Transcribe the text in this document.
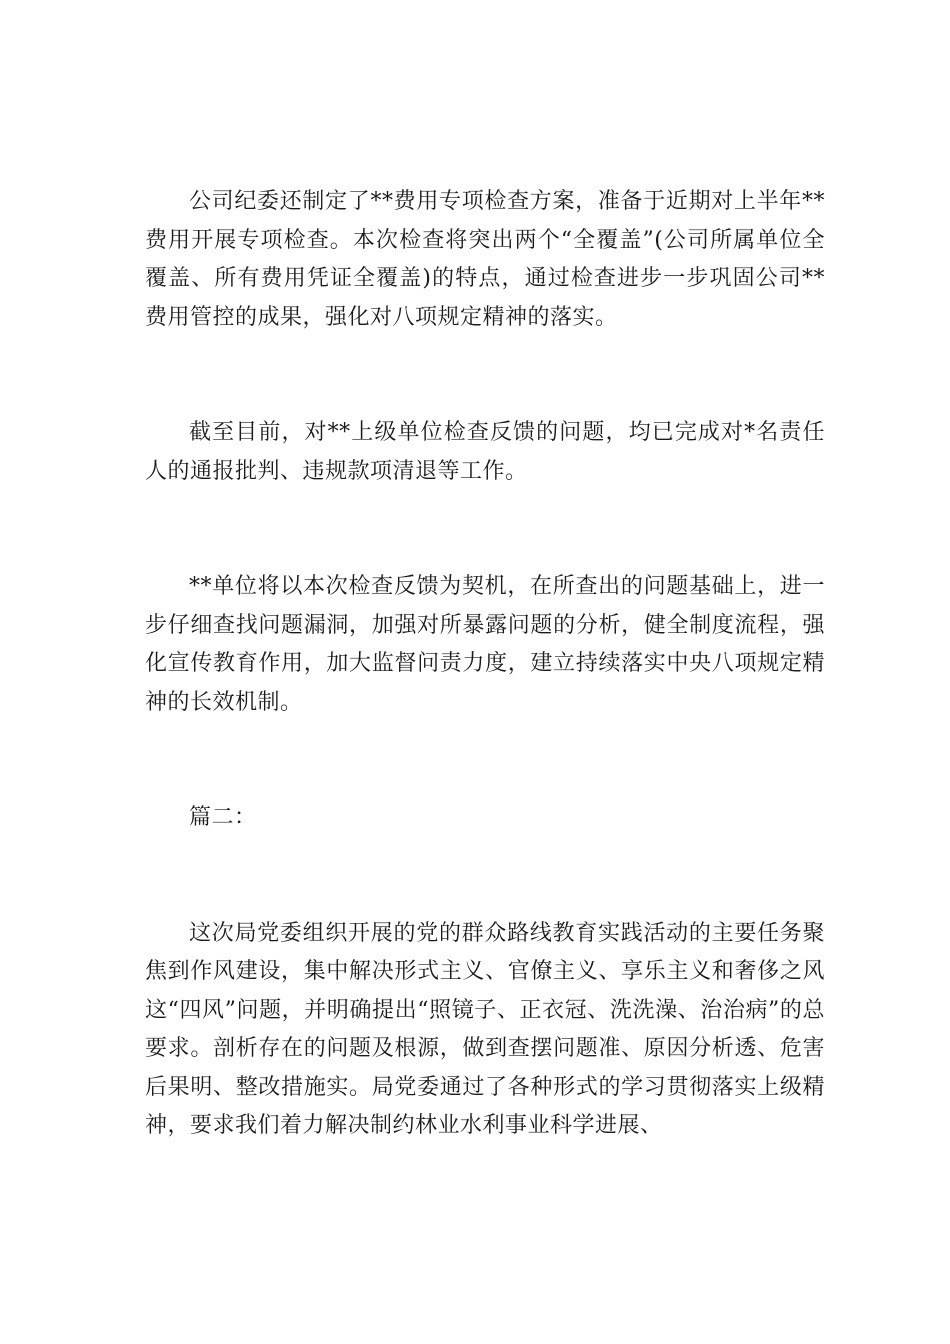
公司纪委还制定了**费用专项检查方案，准备于近期对上半年**费用开展专项检查。本次检查将突出两个“全覆盖”(公司所属单位全覆盖、所有费用凭证全覆盖)的特点，通过检查进步一步巩固公司**费用管控的成果，强化对八项规定精神的落实。

截至目前，对**上级单位检查反馈的问题，均已完成对*名责任人的通报批判、违规款项清退等工作。

**单位将以本次检查反馈为契机，在所查出的问题基础上，进一步仔细查找问题漏洞，加强对所暴露问题的分析，健全制度流程，强化宣传教育作用，加大监督问责力度，建立持续落实中央八项规定精神的长效机制。

篇二：

这次局党委组织开展的党的群众路线教育实践活动的主要任务聚焦到作风建设，集中解决形式主义、官僚主义、享乐主义和奢侈之风这“四风”问题，并明确提出“照镜子、正衣冠、洗洗澡、治治病”的总要求。剖析存在的问题及根源，做到查摆问题准、原因分析透、危害后果明、整改措施实。局党委通过了各种形式的学习贯彻落实上级精神，要求我们着力解决制约林业水利事业科学进展、
